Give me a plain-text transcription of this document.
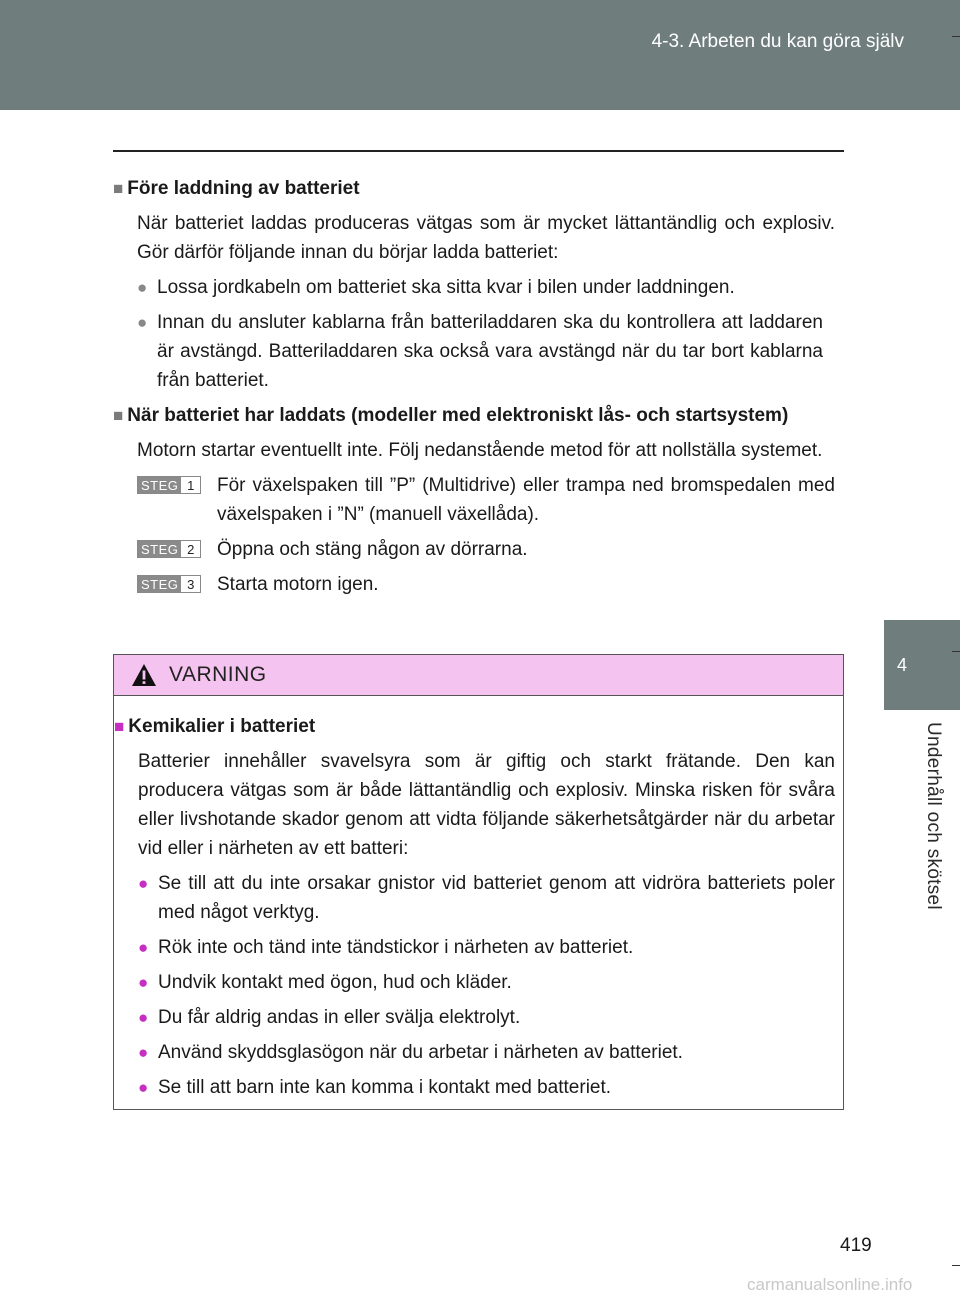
4-3. Arbeten du kan göra själv
4
Underhåll och skötsel

■ Före laddning av batteriet

När batteriet laddas produceras vätgas som är mycket lättantändlig och explosiv. Gör därför följande innan du börjar ladda batteriet:

● Lossa jordkabeln om batteriet ska sitta kvar i bilen under laddningen.
● Innan du ansluter kablarna från batteriladdaren ska du kontrollera att laddaren är avstängd. Batteriladdaren ska också vara avstängd när du tar bort kablarna från batteriet.

■ När batteriet har laddats (modeller med elektroniskt lås- och startsystem)

Motorn startar eventuellt inte. Följ nedanstående metod för att nollställa systemet.

STEG 1 För växelspaken till ”P” (Multidrive) eller trampa ned bromspedalen med växelspaken i ”N” (manuell växellåda).
STEG 2 Öppna och stäng någon av dörrarna.
STEG 3 Starta motorn igen.
VARNING

■ Kemikalier i batteriet

Batterier innehåller svavelsyra som är giftig och starkt frätande. Den kan producera vätgas som är både lättantändlig och explosiv. Minska risken för svåra eller livshotande skador genom att vidta följande säkerhetsåtgärder när du arbetar vid eller i närheten av ett batteri:

● Se till att du inte orsakar gnistor vid batteriet genom att vidröra batteriets poler med något verktyg.
● Rök inte och tänd inte tändstickor i närheten av batteriet.
● Undvik kontakt med ögon, hud och kläder.
● Du får aldrig andas in eller svälja elektrolyt.
● Använd skyddsglasögon när du arbetar i närheten av batteriet.
● Se till att barn inte kan komma i kontakt med batteriet.
419
carmanualsonline.info
